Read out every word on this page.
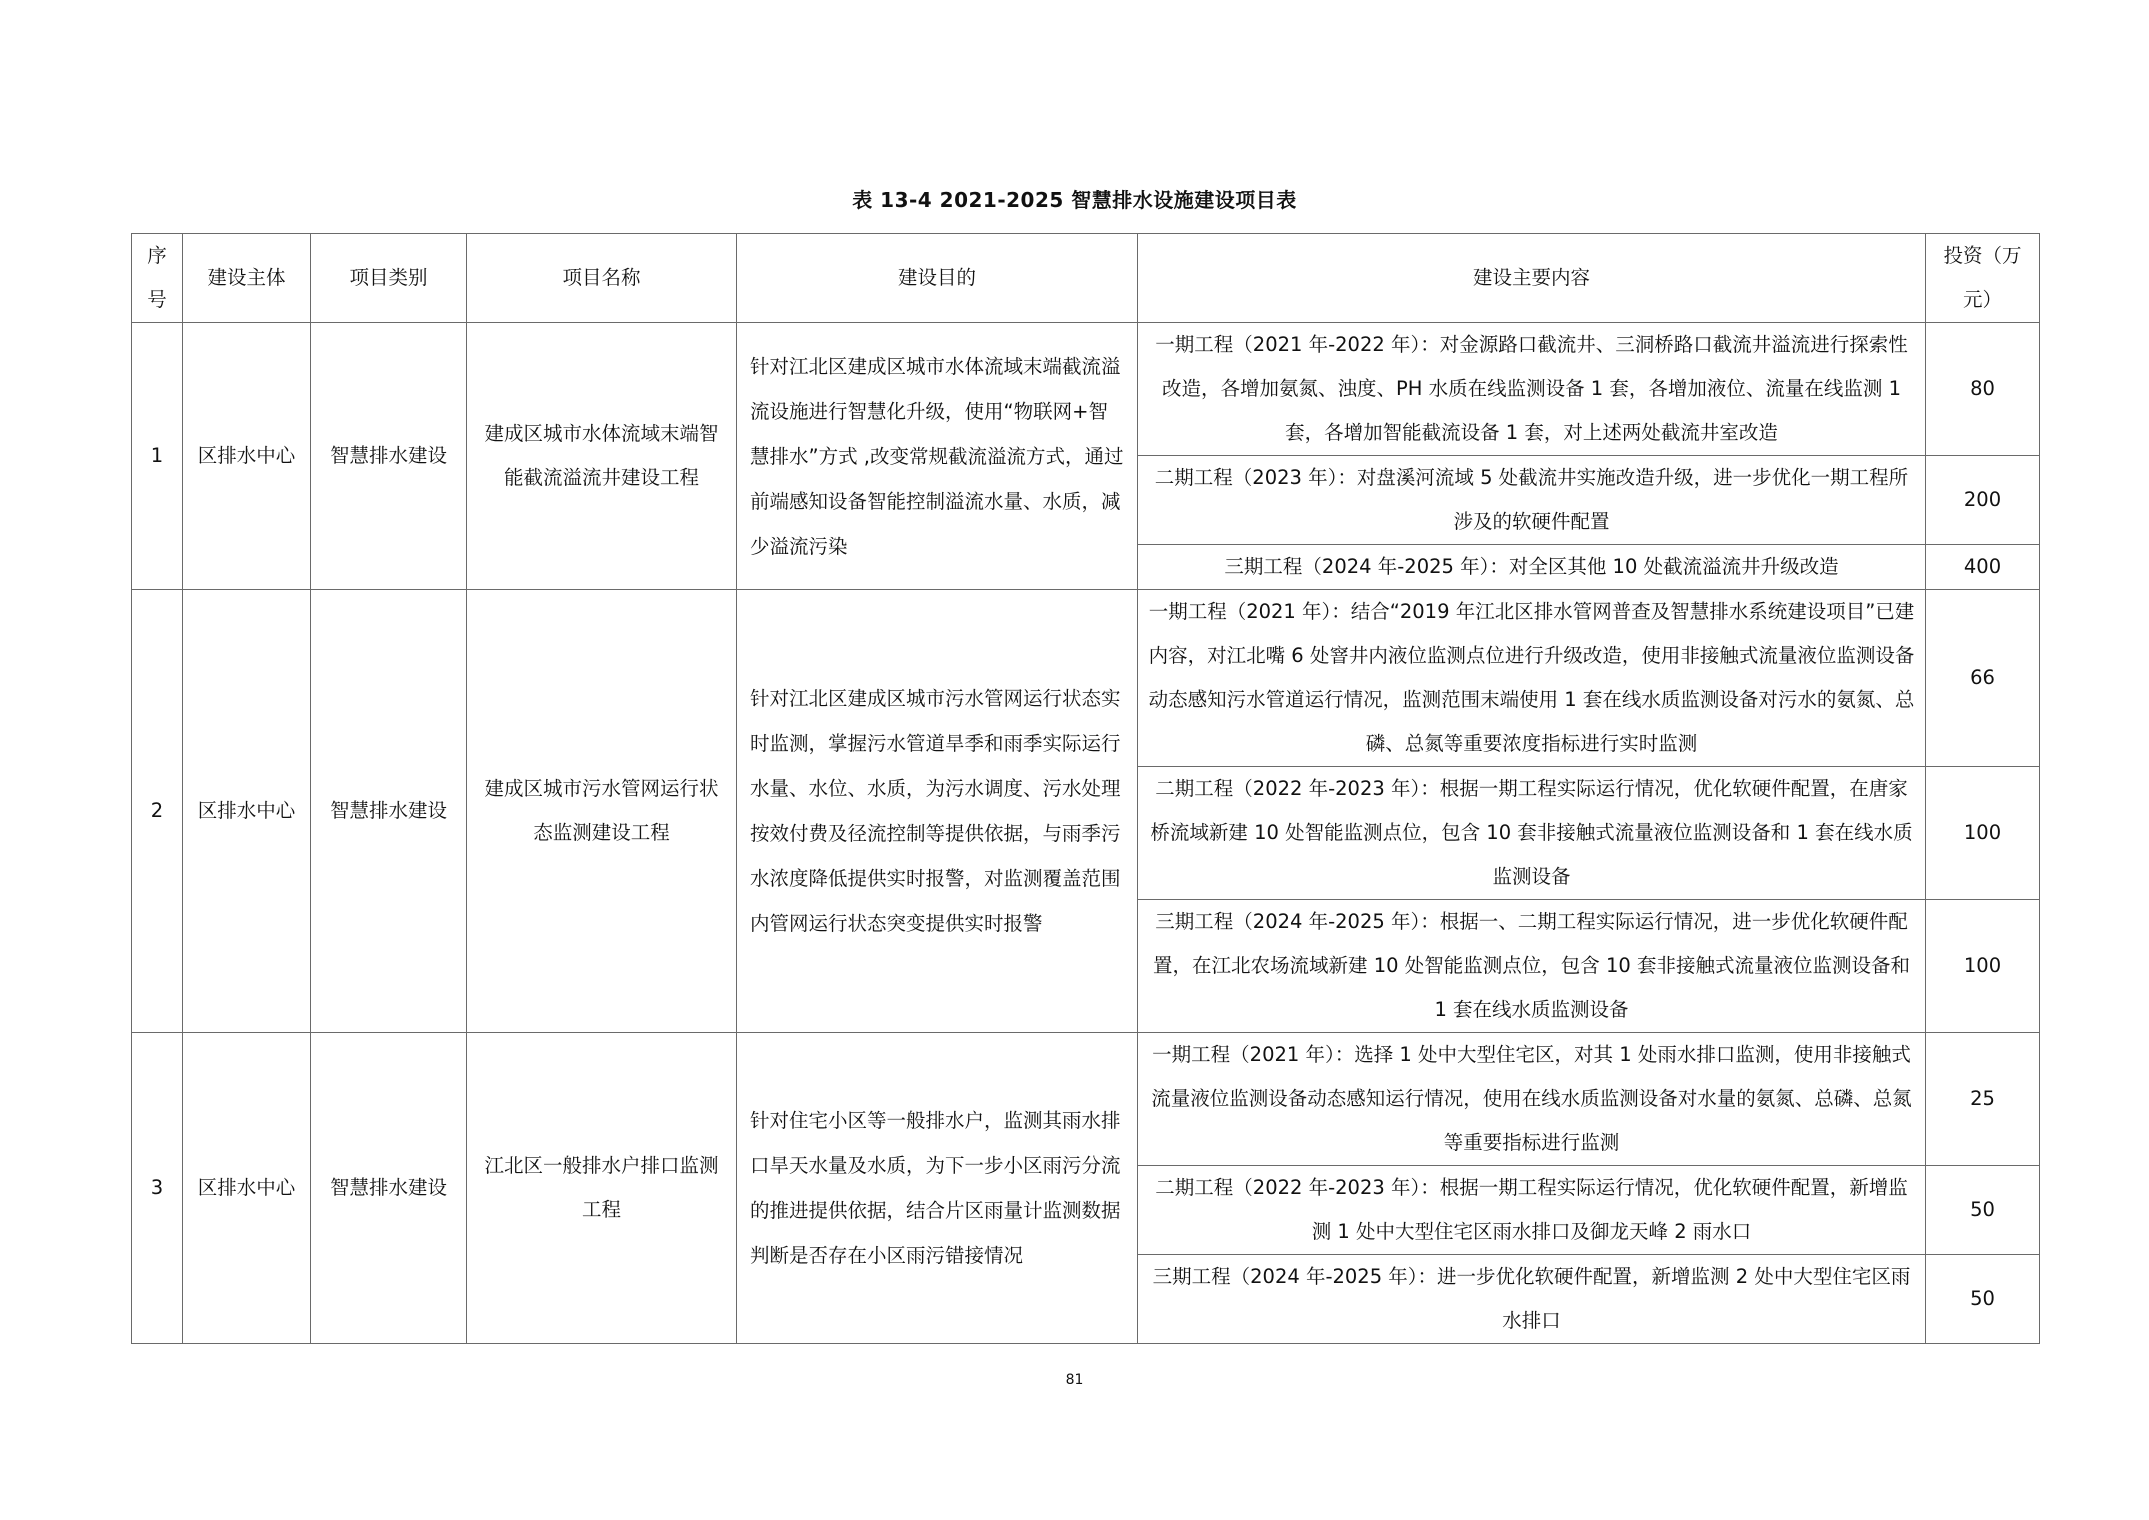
表 13-4 2021-2025 智慧排水设施建设项目表
序号	建设主体	项目类别	项目名称	建设目的	建设主要内容	投资（万元）
1	区排水中心	智慧排水建设	建成区城市水体流域末端智能截流溢流井建设工程	针对江北区建成区城市水体流域末端截流溢流设施进行智慧化升级，使用“物联网+智慧排水”方式 ,改变常规截流溢流方式，通过前端感知设备智能控制溢流水量、水质，减少溢流污染	一期工程（2021 年-2022 年）：对金源路口截流井、三洞桥路口截流井溢流进行探索性改造，各增加氨氮、浊度、PH 水质在线监测设备 1 套，各增加液位、流量在线监测 1 套，各增加智能截流设备 1 套，对上述两处截流井室改造	80
					二期工程（2023 年）：对盘溪河流域 5 处截流井实施改造升级，进一步优化一期工程所涉及的软硬件配置	200
					三期工程（2024 年-2025 年）：对全区其他 10 处截流溢流井升级改造	400
2	区排水中心	智慧排水建设	建成区城市污水管网运行状态监测建设工程	针对江北区建成区城市污水管网运行状态实时监测，掌握污水管道旱季和雨季实际运行水量、水位、水质，为污水调度、污水处理按效付费及径流控制等提供依据，与雨季污水浓度降低提供实时报警，对监测覆盖范围内管网运行状态突变提供实时报警	一期工程（2021 年）：结合“2019 年江北区排水管网普查及智慧排水系统建设项目”已建内容，对江北嘴 6 处窨井内液位监测点位进行升级改造，使用非接触式流量液位监测设备动态感知污水管道运行情况，监测范围末端使用 1 套在线水质监测设备对污水的氨氮、总磷、总氮等重要浓度指标进行实时监测	66
					二期工程（2022 年-2023 年）：根据一期工程实际运行情况，优化软硬件配置，在唐家桥流域新建 10 处智能监测点位，包含 10 套非接触式流量液位监测设备和 1 套在线水质监测设备	100
					三期工程（2024 年-2025 年）：根据一、二期工程实际运行情况，进一步优化软硬件配置，在江北农场流域新建 10 处智能监测点位，包含 10 套非接触式流量液位监测设备和 1 套在线水质监测设备	100
3	区排水中心	智慧排水建设	江北区一般排水户排口监测工程	针对住宅小区等一般排水户，监测其雨水排口旱天水量及水质，为下一步小区雨污分流的推进提供依据，结合片区雨量计监测数据判断是否存在小区雨污错接情况	一期工程（2021 年）：选择 1 处中大型住宅区，对其 1 处雨水排口监测，使用非接触式流量液位监测设备动态感知运行情况，使用在线水质监测设备对水量的氨氮、总磷、总氮等重要指标进行监测	25
					二期工程（2022 年-2023 年）：根据一期工程实际运行情况，优化软硬件配置，新增监测 1 处中大型住宅区雨水排口及御龙天峰 2 雨水口	50
					三期工程（2024 年-2025 年）：进一步优化软硬件配置，新增监测 2 处中大型住宅区雨水排口	50
81
